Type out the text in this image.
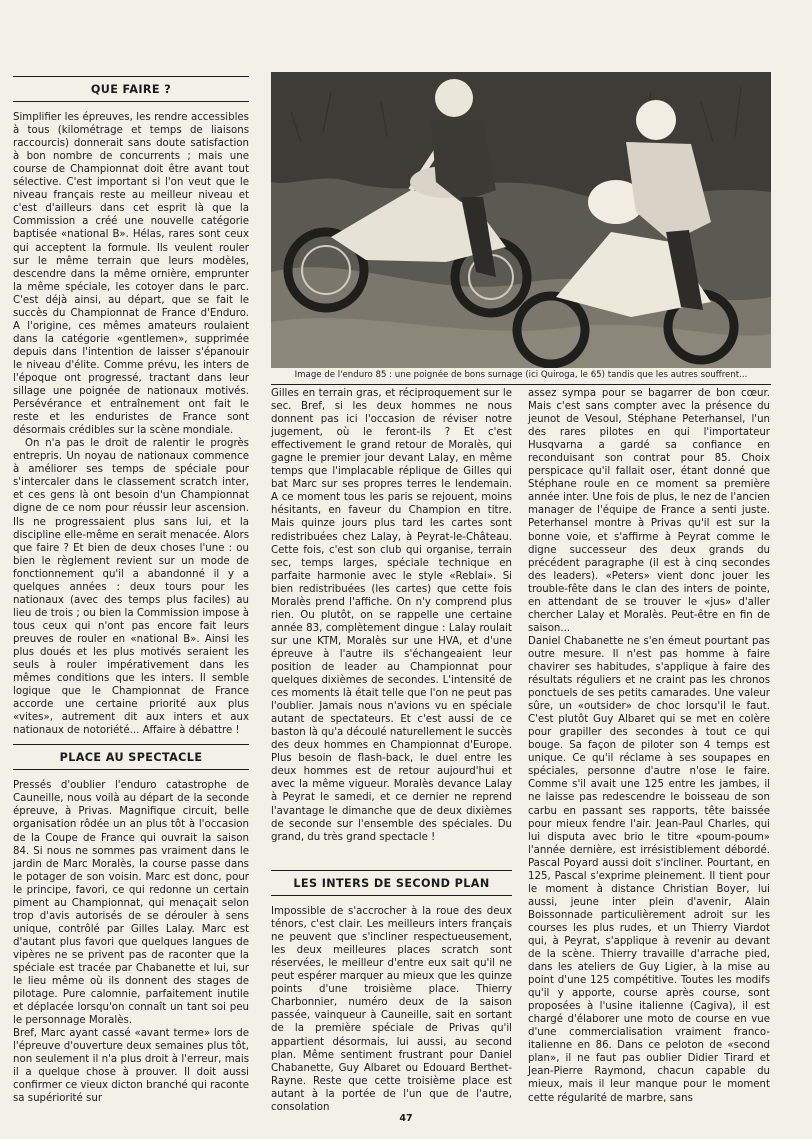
QUE FAIRE ?

Simplifier les épreuves, les rendre accessibles à tous (kilométrage et temps de liaisons raccourcis) donnerait sans doute satisfaction à bon nombre de concurrents ; mais une course de Championnat doit être avant tout sélective. C'est important si l'on veut que le niveau français reste au meilleur niveau et c'est d'ailleurs dans cet esprit là que la Commission a créé une nouvelle catégorie baptisée «national B». Hélas, rares sont ceux qui acceptent la formule. Ils veulent rouler sur le même terrain que leurs modèles, descendre dans la même ornière, emprunter la même spéciale, les cotoyer dans le parc. C'est déjà ainsi, au départ, que se fait le succès du Championnat de France d'Enduro. A l'origine, ces mêmes amateurs roulaient dans la catégorie «gentlemen», supprimée depuis dans l'intention de laisser s'épanouir le niveau d'élite. Comme prévu, les inters de l'époque ont progressé, tractant dans leur sillage une poignée de nationaux motivés. Persévérance et entraînement ont fait le reste et les enduristes de France sont désormais crédibles sur la scène mondiale.

On n'a pas le droit de ralentir le progrès entrepris. Un noyau de nationaux commence à améliorer ses temps de spéciale pour s'intercaler dans le classement scratch inter, et ces gens là ont besoin d'un Championnat digne de ce nom pour réussir leur ascension. Ils ne progressaient plus sans lui, et la discipline elle-même en serait menacée. Alors que faire ? Et bien de deux choses l'une : ou bien le règlement revient sur un mode de fonctionnement qu'il a abandonné il y a quelques années : deux tours pour les nationaux (avec des temps plus faciles) au lieu de trois ; ou bien la Commission impose à tous ceux qui n'ont pas encore fait leurs preuves de rouler en «national B». Ainsi les plus doués et les plus motivés seraient les seuls à rouler impérativement dans les mêmes conditions que les inters. Il semble logique que le Championnat de France accorde une certaine priorité aux plus «vites», autrement dit aux inters et aux nationaux de notoriété... Affaire à débattre !

PLACE AU SPECTACLE

Pressés d'oublier l'enduro catastrophe de Cauneille, nous voilà au départ de la seconde épreuve, à Privas. Magnifique circuit, belle organisation rôdée un an plus tôt à l'occasion de la Coupe de France qui ouvrait la saison 84. Si nous ne sommes pas vraiment dans le jardin de Marc Moralès, la course passe dans le potager de son voisin. Marc est donc, pour le principe, favori, ce qui redonne un certain piment au Championnat, qui menaçait selon trop d'avis autorisés de se dérouler à sens unique, contrôlé par Gilles Lalay. Marc est d'autant plus favori que quelques langues de vipères ne se privent pas de raconter que la spéciale est tracée par Chabanette et lui, sur le lieu même où ils donnent des stages de pilotage. Pure calomnie, parfaitement inutile et déplacée lorsqu'on connaît un tant soi peu le personnage Moralès.

Bref, Marc ayant cassé «avant terme» lors de l'épreuve d'ouverture deux semaines plus tôt, non seulement il n'a plus droit à l'erreur, mais il a quelque chose à prouver. Il doit aussi confirmer ce vieux dicton branché qui raconte sa supériorité sur

Image de l'enduro 85 : une poignée de bons surnage (ici Quiroga, le 65) tandis que les autres souffrent...

Gilles en terrain gras, et réciproquement sur le sec. Bref, si les deux hommes ne nous donnent pas ici l'occasion de réviser notre jugement, où le feront-ils ? Et c'est effectivement le grand retour de Moralès, qui gagne le premier jour devant Lalay, en même temps que l'implacable réplique de Gilles qui bat Marc sur ses propres terres le lendemain. A ce moment tous les paris se rejouent, moins hésitants, en faveur du Champion en titre. Mais quinze jours plus tard les cartes sont redistribuées chez Lalay, à Peyrat-le-Château. Cette fois, c'est son club qui organise, terrain sec, temps larges, spéciale technique en parfaite harmonie avec le style «Reblai». Si bien redistribuées (les cartes) que cette fois Moralès prend l'affiche. On n'y comprend plus rien. Ou plutôt, on se rappelle une certaine année 83, complètement dingue : Lalay roulait sur une KTM, Moralès sur une HVA, et d'une épreuve à l'autre ils s'échangeaient leur position de leader au Championnat pour quelques dixièmes de secondes. L'intensité de ces moments là était telle que l'on ne peut pas l'oublier. Jamais nous n'avions vu en spéciale autant de spectateurs. Et c'est aussi de ce baston là qu'a découlé naturellement le succès des deux hommes en Championnat d'Europe. Plus besoin de flash-back, le duel entre les deux hommes est de retour aujourd'hui et avec la même vigueur. Moralès devance Lalay à Peyrat le samedi, et ce dernier ne reprend l'avantage le dimanche que de deux dixièmes de seconde sur l'ensemble des spéciales. Du grand, du très grand spectacle !

LES INTERS DE SECOND PLAN

Impossible de s'accrocher à la roue des deux ténors, c'est clair. Les meilleurs inters français ne peuvent que s'incliner respectueusement, les deux meilleures places scratch sont réservées, le meilleur d'entre eux sait qu'il ne peut espérer marquer au mieux que les quinze points d'une troisième place. Thierry Charbonnier, numéro deux de la saison passée, vainqueur à Cauneille, sait en sortant de la première spéciale de Privas qu'il appartient désormais, lui aussi, au second plan. Même sentiment frustrant pour Daniel Chabanette, Guy Albaret ou Edouard Berthet-Rayne. Reste que cette troisième place est autant à la portée de l'un que de l'autre, consolation

assez sympa pour se bagarrer de bon cœur. Mais c'est sans compter avec la présence du jeunot de Vesoul, Stéphane Peterhansel, l'un des rares pilotes en qui l'importateur Husqvarna a gardé sa confiance en reconduisant son contrat pour 85. Choix perspicace qu'il fallait oser, étant donné que Stéphane roule en ce moment sa première année inter. Une fois de plus, le nez de l'ancien manager de l'équipe de France a senti juste. Peterhansel montre à Privas qu'il est sur la bonne voie, et s'affirme à Peyrat comme le digne successeur des deux grands du précédent paragraphe (il est à cinq secondes des leaders). «Peters» vient donc jouer les trouble-fête dans le clan des inters de pointe, en attendant de se trouver le «jus» d'aller chercher Lalay et Moralès. Peut-être en fin de saison...

Daniel Chabanette ne s'en émeut pourtant pas outre mesure. Il n'est pas homme à faire chavirer ses habitudes, s'applique à faire des résultats réguliers et ne craint pas les chronos ponctuels de ses petits camarades. Une valeur sûre, un «outsider» de choc lorsqu'il le faut. C'est plutôt Guy Albaret qui se met en colère pour grapiller des secondes à tout ce qui bouge. Sa façon de piloter son 4 temps est unique. Ce qu'il réclame à ses soupapes en spéciales, personne d'autre n'ose le faire. Comme s'il avait une 125 entre les jambes, il ne laisse pas redescendre le boisseau de son carbu en passant ses rapports, tête baissée pour mieux fendre l'air. Jean-Paul Charles, qui lui disputa avec brio le titre «poum-poum» l'année dernière, est irrésistiblement débordé. Pascal Poyard aussi doit s'incliner. Pourtant, en 125, Pascal s'exprime pleinement. Il tient pour le moment à distance Christian Boyer, lui aussi, jeune inter plein d'avenir, Alain Boissonnade particulièrement adroit sur les courses les plus rudes, et un Thierry Viardot qui, à Peyrat, s'applique à revenir au devant de la scène. Thierry travaille d'arrache pied, dans les ateliers de Guy Ligier, à la mise au point d'une 125 compétitive. Toutes les modifs qu'il y apporte, course après course, sont proposées à l'usine italienne (Cagiva), il est chargé d'élaborer une moto de course en vue d'une commercialisation vraiment franco-italienne en 86. Dans ce peloton de «second plan», il ne faut pas oublier Didier Tirard et Jean-Pierre Raymond, chacun capable du mieux, mais il leur manque pour le moment cette régularité de marbre, sans

47
